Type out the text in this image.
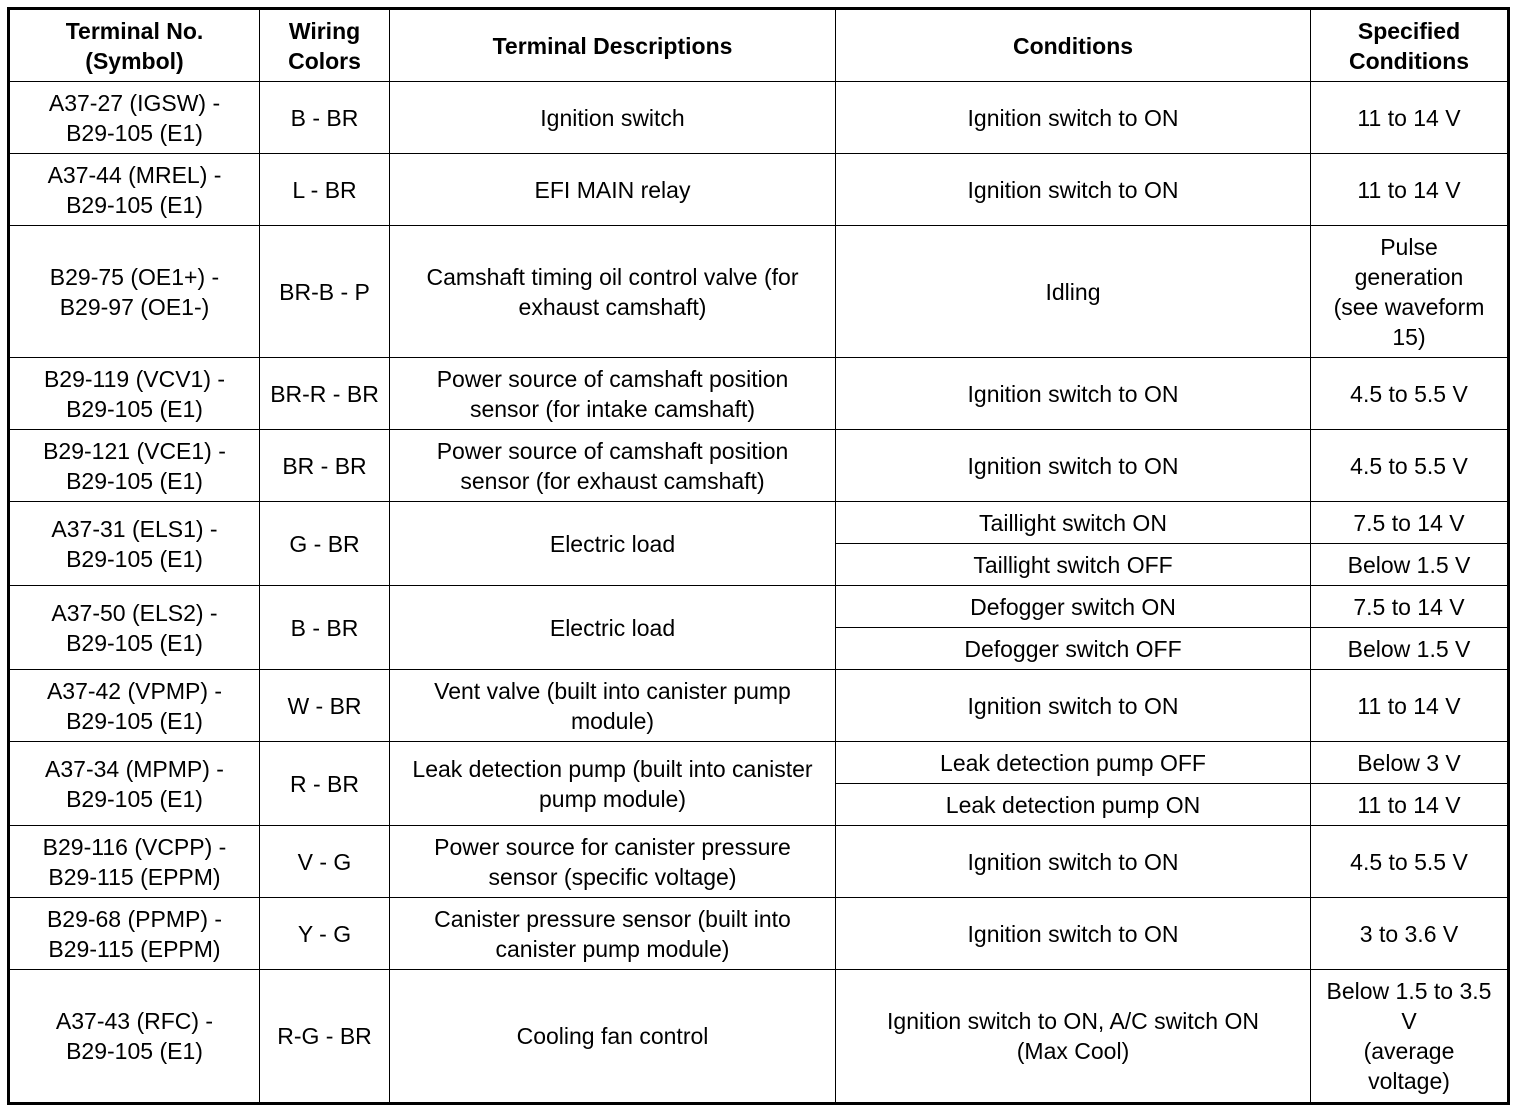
Terminal No.
(Symbol)	Wiring
Colors	Terminal Descriptions	Conditions	Specified
Conditions
A37-27 (IGSW) -
B29-105 (E1)	B - BR	Ignition switch	Ignition switch to ON	11 to 14 V
A37-44 (MREL) -
B29-105 (E1)	L - BR	EFI MAIN relay	Ignition switch to ON	11 to 14 V
B29-75 (OE1+) -
B29-97 (OE1-)	BR-B - P	Camshaft timing oil control valve (for
exhaust camshaft)	Idling	Pulse
generation
(see waveform
15)
B29-119 (VCV1) -
B29-105 (E1)	BR-R - BR	Power source of camshaft position
sensor (for intake camshaft)	Ignition switch to ON	4.5 to 5.5 V
B29-121 (VCE1) -
B29-105 (E1)	BR - BR	Power source of camshaft position
sensor (for exhaust camshaft)	Ignition switch to ON	4.5 to 5.5 V
A37-31 (ELS1) -
B29-105 (E1)	G - BR	Electric load	Taillight switch ON	7.5 to 14 V
			Taillight switch OFF	Below 1.5 V
A37-50 (ELS2) -
B29-105 (E1)	B - BR	Electric load	Defogger switch ON	7.5 to 14 V
			Defogger switch OFF	Below 1.5 V
A37-42 (VPMP) -
B29-105 (E1)	W - BR	Vent valve (built into canister pump
module)	Ignition switch to ON	11 to 14 V
A37-34 (MPMP) -
B29-105 (E1)	R - BR	Leak detection pump (built into canister
pump module)	Leak detection pump OFF	Below 3 V
			Leak detection pump ON	11 to 14 V
B29-116 (VCPP) -
B29-115 (EPPM)	V - G	Power source for canister pressure
sensor (specific voltage)	Ignition switch to ON	4.5 to 5.5 V
B29-68 (PPMP) -
B29-115 (EPPM)	Y - G	Canister pressure sensor (built into
canister pump module)	Ignition switch to ON	3 to 3.6 V
A37-43 (RFC) -
B29-105 (E1)	R-G - BR	Cooling fan control	Ignition switch to ON, A/C switch ON
(Max Cool)	Below 1.5 to 3.5
V
(average
voltage)
